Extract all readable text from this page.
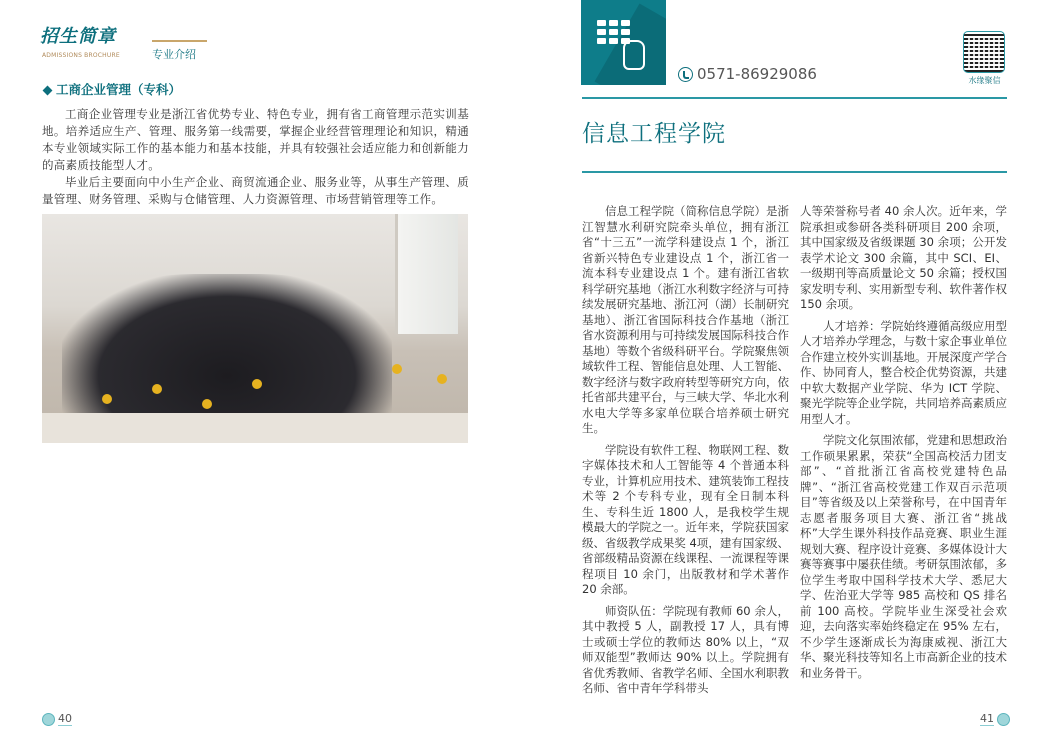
招生简章
ADMISSIONS BROCHURE	专业介绍
工商企业管理（专科）

工商企业管理专业是浙江省优势专业、特色专业，拥有省工商管理示范实训基地。培养适应生产、管理、服务第一线需要，掌握企业经营管理理论和知识，精通本专业领域实际工作的基本能力和基本技能，并具有较强社会适应能力和创新能力的高素质技能型人才。

毕业后主要面向中小生产企业、商贸流通企业、服务业等，从事生产管理、质量管理、财务管理、采购与仓储管理、人力资源管理、市场营销管理等工作。

40
0571-86929086	水缘聚信
信息工程学院

信息工程学院（简称信息学院）是浙江智慧水利研究院牵头单位，拥有浙江省“十三五”一流学科建设点 1 个，浙江省新兴特色专业建设点 1 个，浙江省一流本科专业建设点 1 个。建有浙江省软科学研究基地（浙江水利数字经济与可持续发展研究基地、浙江河（湖）长制研究基地）、浙江省国际科技合作基地（浙江省水资源利用与可持续发展国际科技合作基地）等数个省级科研平台。学院聚焦领域软件工程、智能信息处理、人工智能、数字经济与数字政府转型等研究方向，依托省部共建平台，与三峡大学、华北水利水电大学等多家单位联合培养硕士研究生。

学院设有软件工程、物联网工程、数字媒体技术和人工智能等 4 个普通本科专业，计算机应用技术、建筑装饰工程技术等 2 个专科专业，现有全日制本科生、专科生近 1800 人，是我校学生规模最大的学院之一。近年来，学院获国家级、省级教学成果奖 4项，建有国家级、省部级精品资源在线课程、一流课程等课程项目 10 余门，出版教材和学术著作 20 余部。

师资队伍：学院现有教师 60 余人，其中教授 5 人，副教授 17 人，具有博士或硕士学位的教师达 80% 以上，“双师双能型”教师达 90% 以上。学院拥有省优秀教师、省教学名师、全国水利职教名师、省中青年学科带头

人等荣誉称号者 40 余人次。近年来，学院承担或参研各类科研项目 200 余项，其中国家级及省级课题 30 余项；公开发表学术论文 300 余篇，其中 SCI、EI、一级期刊等高质量论文 50 余篇；授权国家发明专利、实用新型专利、软件著作权 150 余项。

人才培养：学院始终遵循高级应用型人才培养办学理念，与数十家企事业单位合作建立校外实训基地。开展深度产学合作、协同育人，整合校企优势资源，共建中软大数据产业学院、华为 ICT 学院、聚光学院等企业学院，共同培养高素质应用型人才。

学院文化氛围浓郁，党建和思想政治工作硕果累累，荣获“全国高校活力团支部”、“首批浙江省高校党建特色品牌”、“浙江省高校党建工作双百示范项目”等省级及以上荣誉称号，在中国青年志愿者服务项目大赛、浙江省“挑战杯”大学生课外科技作品竞赛、职业生涯规划大赛、程序设计竞赛、多媒体设计大赛等赛事中屡获佳绩。考研氛围浓郁，多位学生考取中国科学技术大学、悉尼大学、佐治亚大学等 985 高校和 QS 排名前 100 高校。学院毕业生深受社会欢迎，去向落实率始终稳定在 95% 左右，不少学生逐渐成长为海康威视、浙江大华、聚光科技等知名上市高新企业的技术和业务骨干。

41
